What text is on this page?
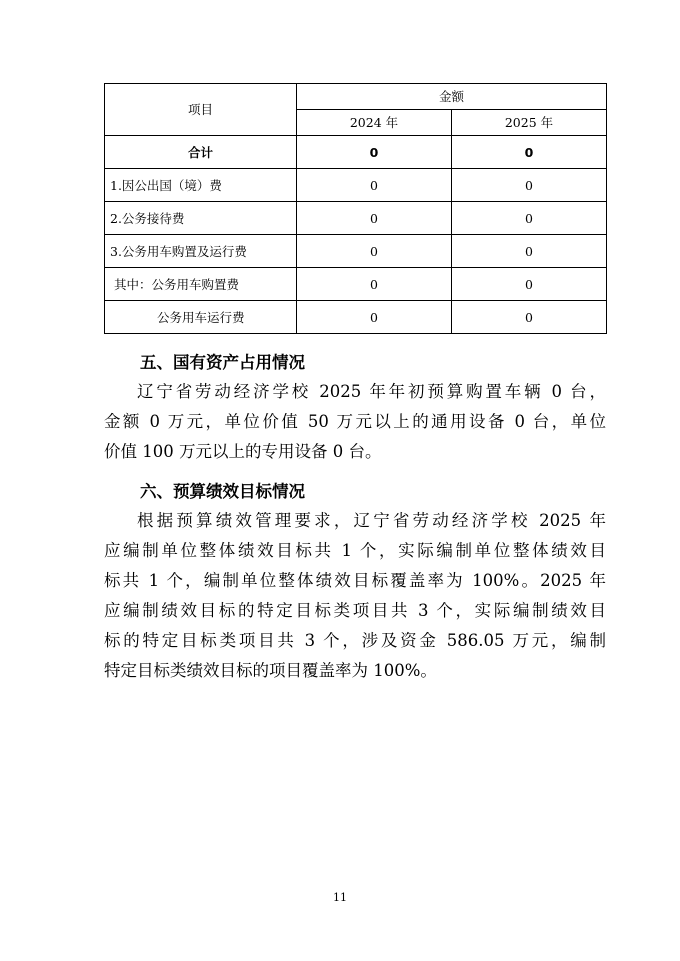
项目	金额	
	2024 年	2025 年
合计	0	0
1.因公出国（境）费	0	0
2.公务接待费	0	0
3.公务用车购置及运行费	0	0
其中：公务用车购置费	0	0
公务用车运行费	0	0
五、国有资产占用情况

辽宁省劳动经济学校 2025 年年初预算购置车辆 0 台，
金额 0 万元，单位价值 50 万元以上的通用设备 0 台，单位
价值 100 万元以上的专用设备 0 台。

六、预算绩效目标情况

根据预算绩效管理要求，辽宁省劳动经济学校 2025 年
应编制单位整体绩效目标共 1 个，实际编制单位整体绩效目
标共 1 个，编制单位整体绩效目标覆盖率为 100%。2025 年
应编制绩效目标的特定目标类项目共 3 个，实际编制绩效目
标的特定目标类项目共 3 个，涉及资金 586.05 万元，编制
特定目标类绩效目标的项目覆盖率为 100%。

11
